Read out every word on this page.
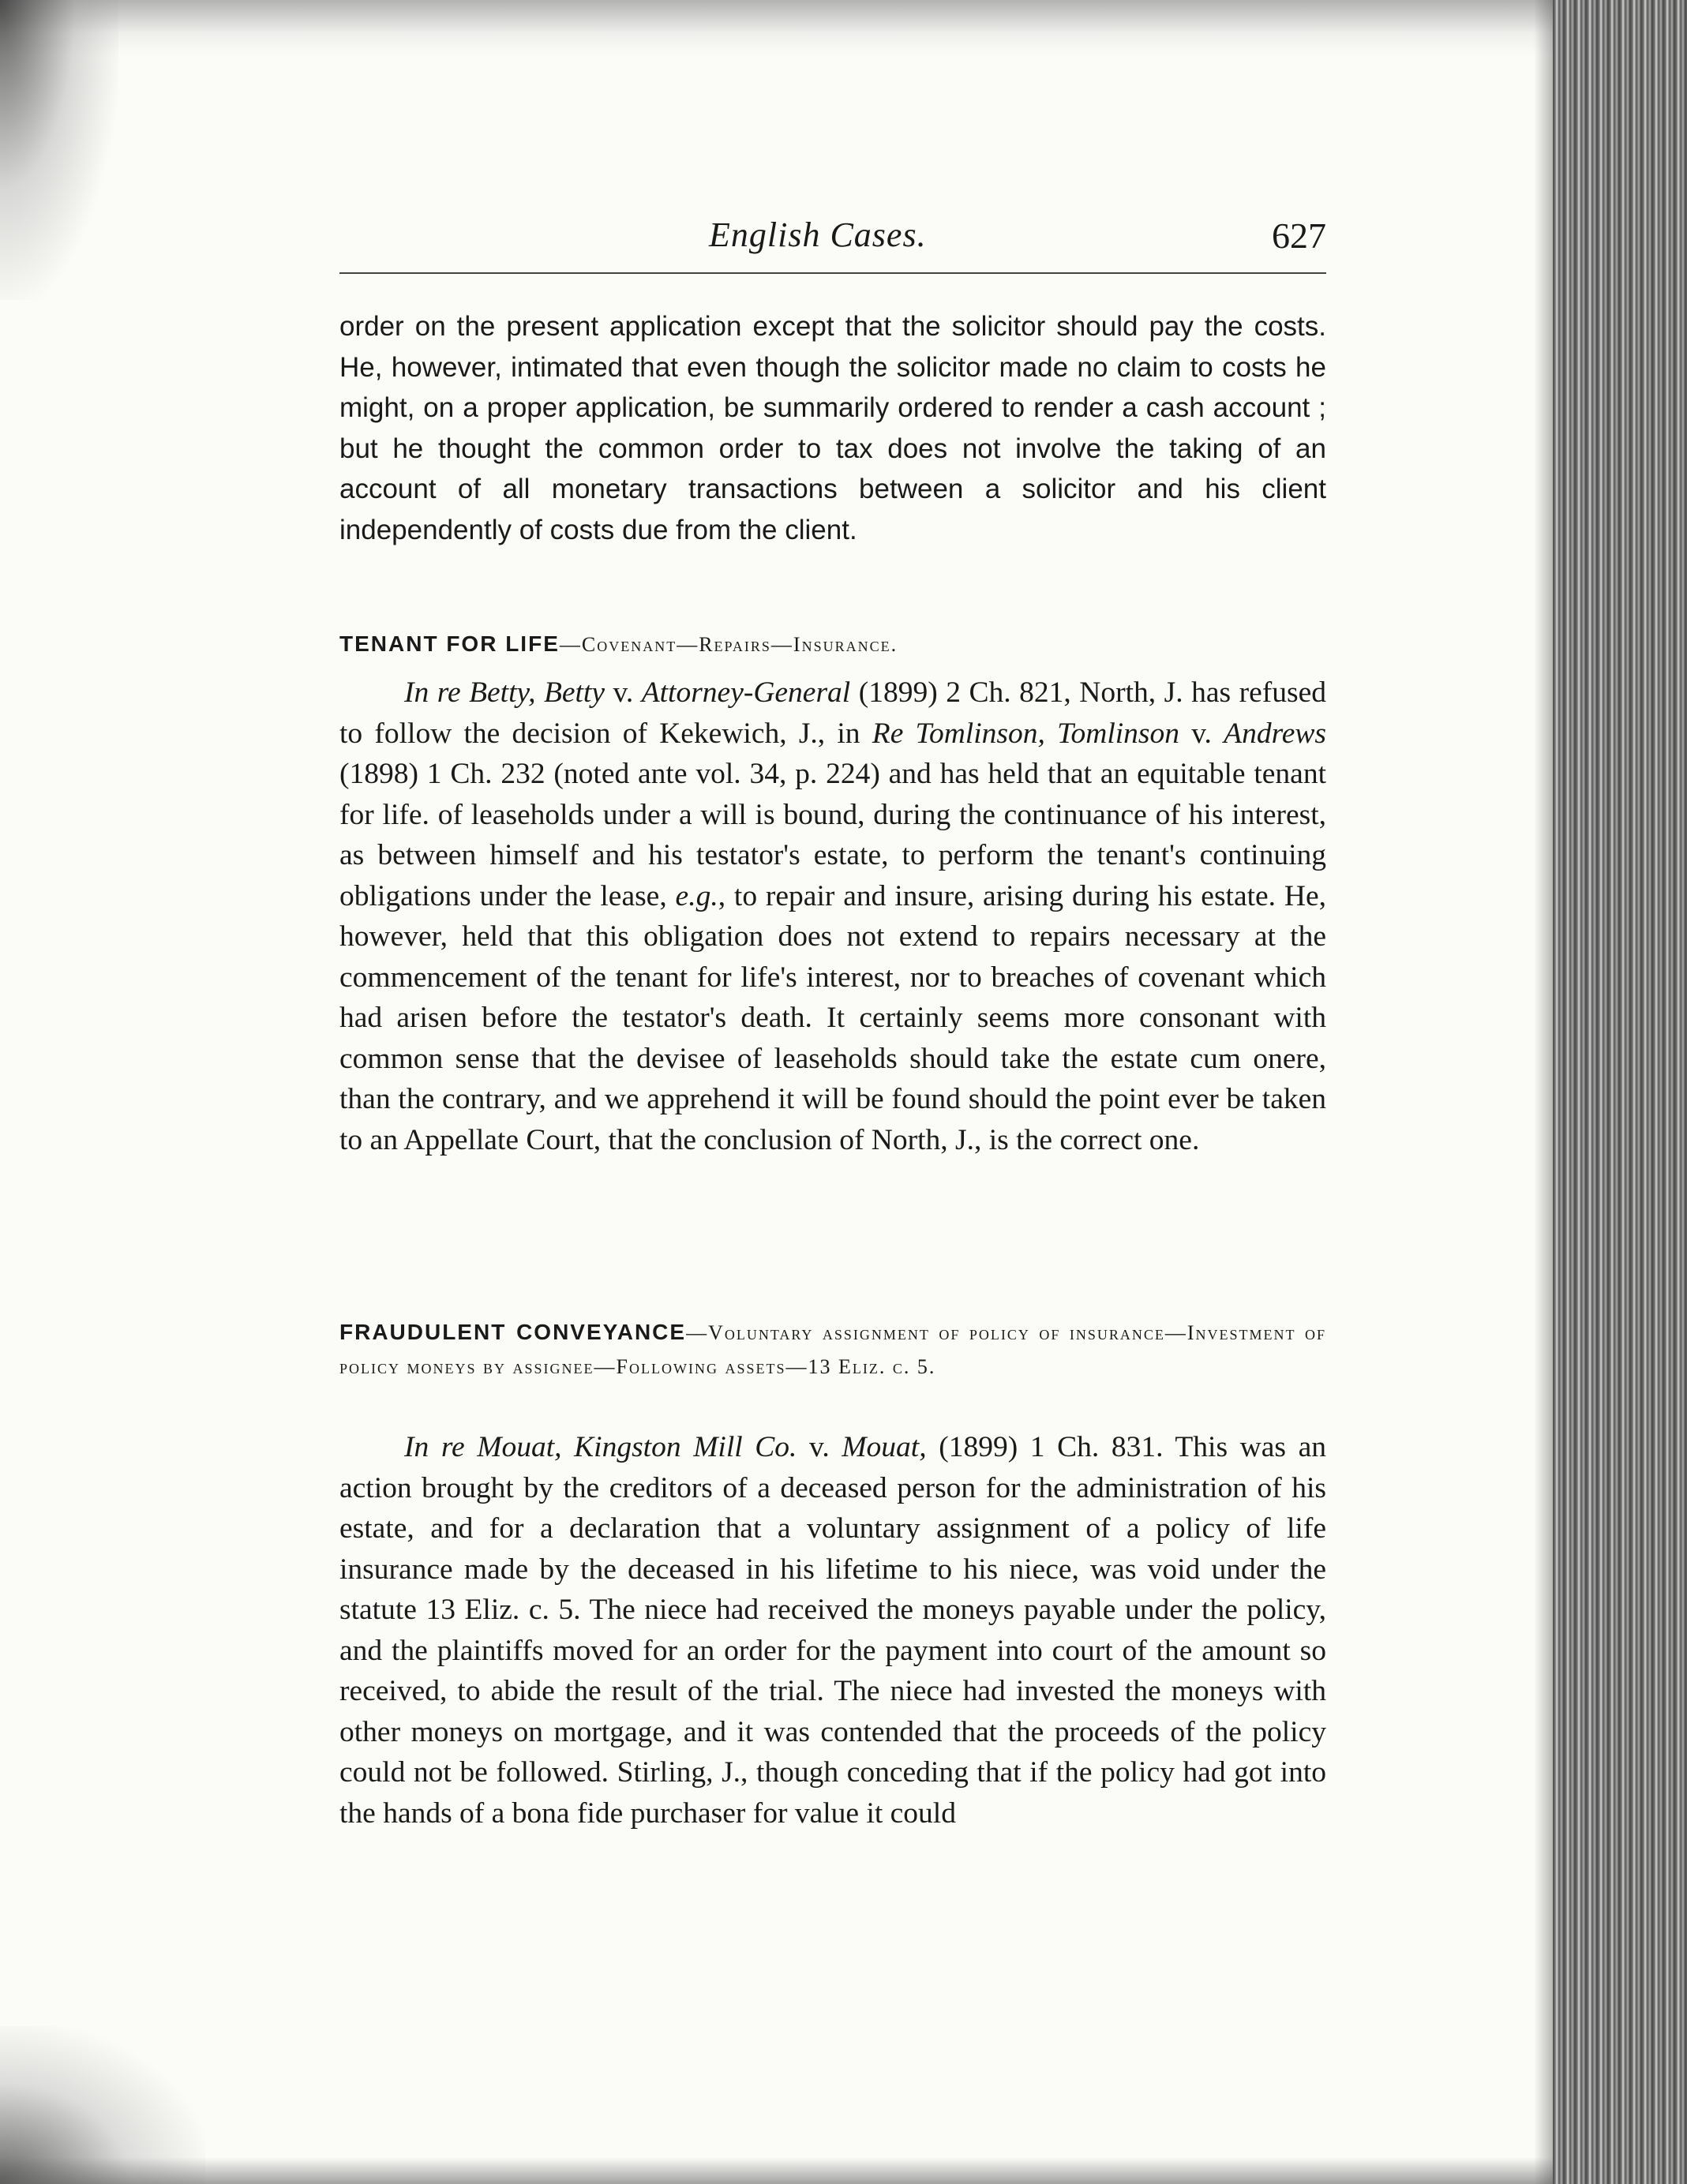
English Cases.	627

order on the present application except that the solicitor should pay the costs. He, however, intimated that even though the solicitor made no claim to costs he might, on a proper application, be summarily ordered to render a cash account ; but he thought the common order to tax does not involve the taking of an account of all monetary transactions between a solicitor and his client independently of costs due from the client.

TENANT FOR LIFE—Covenant—Repairs—Insurance.

In re Betty, Betty v. Attorney-General (1899) 2 Ch. 821, North, J. has refused to follow the decision of Kekewich, J., in Re Tomlinson, Tomlinson v. Andrews (1898) 1 Ch. 232 (noted ante vol. 34, p. 224) and has held that an equitable tenant for life. of leaseholds under a will is bound, during the continuance of his interest, as between himself and his testator's estate, to perform the tenant's continuing obligations under the lease, e.g., to repair and insure, arising during his estate. He, however, held that this obligation does not extend to repairs necessary at the commencement of the tenant for life's interest, nor to breaches of covenant which had arisen before the testator's death. It certainly seems more consonant with common sense that the devisee of leaseholds should take the estate cum onere, than the contrary, and we apprehend it will be found should the point ever be taken to an Appellate Court, that the conclusion of North, J., is the correct one.

FRAUDULENT CONVEYANCE—Voluntary assignment of policy of insurance—Investment of policy moneys by assignee—Following assets—13 Eliz. c. 5.

In re Mouat, Kingston Mill Co. v. Mouat, (1899) 1 Ch. 831. This was an action brought by the creditors of a deceased person for the administration of his estate, and for a declaration that a voluntary assignment of a policy of life insurance made by the deceased in his lifetime to his niece, was void under the statute 13 Eliz. c. 5. The niece had received the moneys payable under the policy, and the plaintiffs moved for an order for the payment into court of the amount so received, to abide the result of the trial. The niece had invested the moneys with other moneys on mortgage, and it was contended that the proceeds of the policy could not be followed. Stirling, J., though conceding that if the policy had got into the hands of a bona fide purchaser for value it could
